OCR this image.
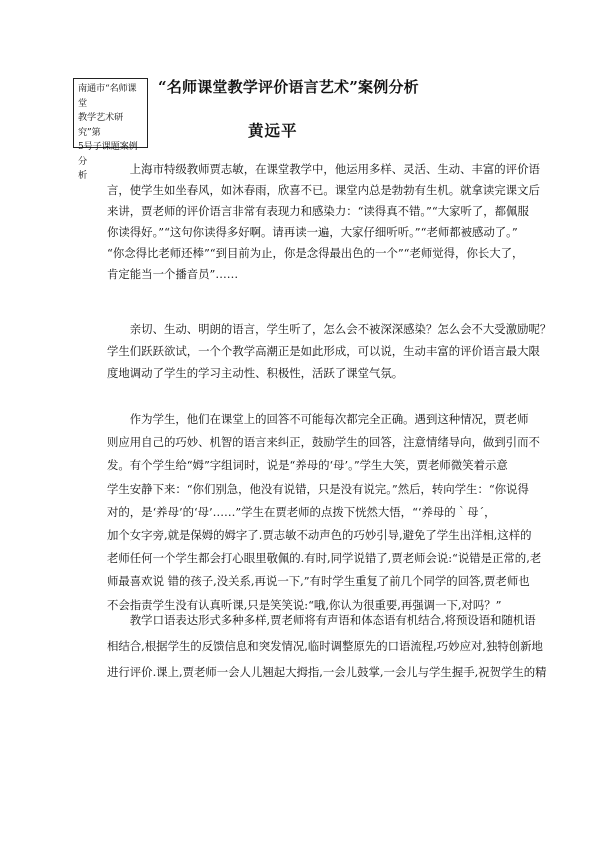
南通市“名师课堂
教学艺术研究”第
5号子课题案例分
析
“名师课堂教学评价语言艺术”案例分析
黄远平
　　上海市特级教师贾志敏，在课堂教学中，他运用多样、灵活、生动、丰富的评价语
言，使学生如坐春风，如沐春雨，欣喜不已。课堂内总是勃勃有生机。就拿读完课文后
来讲，贾老师的评价语言非常有表现力和感染力：“读得真不错。”“大家听了，都佩服
你读得好。”“这句你读得多好啊。请再读一遍，大家仔细听听。”“老师都被感动了。”
“你念得比老师还棒”“到目前为止，你是念得最出色的一个”“老师觉得，你长大了，
肯定能当一个播音员”……
　　亲切、生动、明朗的语言，学生听了，怎么会不被深深感染？怎么会不大受激励呢？
学生们跃跃欲试，一个个教学高潮正是如此形成，可以说，生动丰富的评价语言最大限
度地调动了学生的学习主动性、积极性，活跃了课堂气氛。
　　作为学生，他们在课堂上的回答不可能每次都完全正确。遇到这种情况，贾老师
则应用自己的巧妙、机智的语言来纠正，鼓励学生的回答，注意情绪导向，做到引而不
发。有个学生给“姆”字组词时，说是“养母的‘母’。”学生大笑，贾老师微笑着示意
学生安静下来：“你们别急，他没有说错，只是没有说完。”然后，转向学生：“你说得
对的，是‘养母’的‘母’……”学生在贾老师的点拨下恍然大悟，“‘养母的｀母´，
加个女字旁,就是保姆的姆字了.贾志敏不动声色的巧妙引导,避免了学生出洋相,这样的
老师任何一个学生都会打心眼里敬佩的.有时,同学说错了,贾老师会说:“说错是正常的,老
师最喜欢说 错的孩子,没关系,再说一下,”有时学生重复了前几个同学的回答,贾老师也
不会指责学生没有认真听课,只是笑笑说:“哦,你认为很重要,再强调一下,对吗？”
　　教学口语表达形式多种多样,贾老师将有声语和体态语有机结合,将预设语和随机语
相结合,根据学生的反馈信息和突发情况,临时调整原先的口语流程,巧妙应对,独特创新地
进行评价.课上,贾老师一会人儿翘起大拇指,一会儿鼓掌,一会儿与学生握手,祝贺学生的精
